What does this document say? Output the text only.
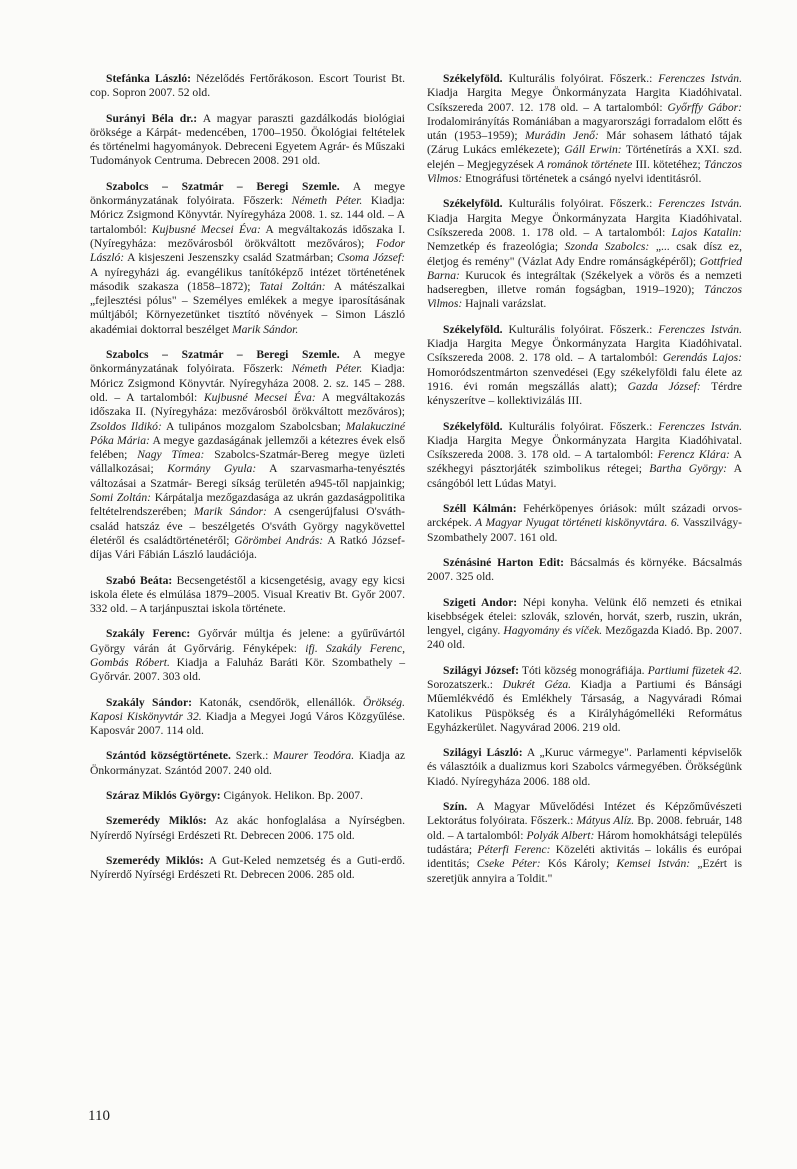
Stefánka László: Nézelődés Fertőrákoson. Escort Tourist Bt. cop. Sopron 2007. 52 old.

Surányi Béla dr.: A magyar paraszti gazdálkodás biológiai öröksége a Kárpát- medencében, 1700–1950. Ökológiai feltételek és történelmi hagyományok. Debreceni Egyetem Agrár- és Műszaki Tudományok Centruma. Debrecen 2008. 291 old.

Szabolcs – Szatmár – Beregi Szemle. A megye önkormányzatának folyóirata. Főszerk: Németh Péter. Kiadja: Móricz Zsigmond Könyvtár. Nyíregyháza 2008. 1. sz. 144 old. – A tartalomból: Kujbusné Mecsei Éva: A megváltakozás időszaka I. (Nyíregyháza: mezővárosból örökváltott mezőváros); Fodor László: A kisjeszeni Jeszenszky család Szatmárban; Csoma József: A nyíregyházi ág. evangélikus tanítóképző intézet történetének második szakasza (1858–1872); Tatai Zoltán: A mátészalkai „fejlesztési pólus" – Személyes emlékek a megye iparosításának múltjából; Környezetünket tisztító növények – Simon László akadémiai doktorral beszélget Marik Sándor.

Szabolcs – Szatmár – Beregi Szemle. A megye önkormányzatának folyóirata. Főszerk: Németh Péter. Kiadja: Móricz Zsigmond Könyvtár. Nyíregyháza 2008. 2. sz. 145 – 288. old. – A tartalomból: Kujbusné Mecsei Éva: A megváltakozás időszaka II. (Nyíregyháza: mezővárosból örökváltott mezőváros); Zsoldos Ildikó: A tulipános mozgalom Szabolcsban; Malakucziné Póka Mária: A megye gazdaságának jellemzői a kétezres évek első felében; Nagy Tímea: Szabolcs-Szatmár-Bereg megye üzleti vállalkozásai; Kormány Gyula: A szarvasmarha-tenyésztés változásai a Szatmár- Beregi síkság területén a945-től napjainkig; Somi Zoltán: Kárpátalja mezőgazdasága az ukrán gazdaságpolitika feltételrendszerében; Marik Sándor: A csengerújfalusi O'sváth-család hatszáz éve – beszélgetés O'sváth György nagykövettel életéről és családtörténetéről; Görömbei András: A Ratkó József-díjas Vári Fábián László laudációja.

Szabó Beáta: Becsengetéstől a kicsengetésig, avagy egy kicsi iskola élete és elmúlása 1879–2005. Visual Kreativ Bt. Győr 2007. 332 old. – A tarjánpusztai iskola története.

Szakály Ferenc: Győrvár múltja és jelene: a gyűrűvártól György várán át Győrvárig. Fényképek: ifj. Szakály Ferenc, Gombás Róbert. Kiadja a Faluház Baráti Kör. Szombathely – Győrvár. 2007. 303 old.

Szakály Sándor: Katonák, csendőrök, ellenállók. Örökség. Kaposi Kiskönyvtár 32. Kiadja a Megyei Jogú Város Közgyűlése. Kaposvár 2007. 114 old.

Szántód községtörténete. Szerk.: Maurer Teodóra. Kiadja az Önkormányzat. Szántód 2007. 240 old.

Száraz Miklós György: Cigányok. Helikon. Bp. 2007.

Szemerédy Miklós: Az akác honfoglalása a Nyírségben. Nyírerdő Nyírségi Erdészeti Rt. Debrecen 2006. 175 old.

Szemerédy Miklós: A Gut-Keled nemzetség és a Guti-erdő. Nyírerdő Nyírségi Erdészeti Rt. Debrecen 2006. 285 old.

Székelyföld. Kulturális folyóirat. Főszerk.: Ferenczes István. Kiadja Hargita Megye Önkormányzata Hargita Kiadóhivatal. Csíkszereda 2007. 12. 178 old. – A tartalomból: Győrffy Gábor: Irodalomirányítás Romániában a magyarországi forradalom előtt és után (1953–1959); Murádin Jenő: Már sohasem látható tájak (Zárug Lukács emlékezete); Gáll Erwin: Történetírás a XXI. szd. elején – Megjegyzések A románok története III. kötetéhez; Tánczos Vilmos: Etnográfusi történetek a csángó nyelvi identitásról.

Székelyföld. Kulturális folyóirat. Főszerk.: Ferenczes István. Kiadja Hargita Megye Önkormányzata Hargita Kiadóhivatal. Csíkszereda 2008. 1. 178 old. – A tartalomból: Lajos Katalin: Nemzetkép és frazeológia; Szonda Szabolcs: „... csak dísz ez, életjog és remény" (Vázlat Ady Endre románságképéről); Gottfried Barna: Kurucok és integráltak (Székelyek a vörös és a nemzeti hadseregben, illetve román fogságban, 1919–1920); Tánczos Vilmos: Hajnali varázslat.

Székelyföld. Kulturális folyóirat. Főszerk.: Ferenczes István. Kiadja Hargita Megye Önkormányzata Hargita Kiadóhivatal. Csíkszereda 2008. 2. 178 old. – A tartalomból: Gerendás Lajos: Homoródszentmárton szenvedései (Egy székelyföldi falu élete az 1916. évi román megszállás alatt); Gazda József: Térdre kényszerítve – kollektivizálás III.

Székelyföld. Kulturális folyóirat. Főszerk.: Ferenczes István. Kiadja Hargita Megye Önkormányzata Hargita Kiadóhivatal. Csíkszereda 2008. 3. 178 old. – A tartalomból: Ferencz Klára: A székhegyi pásztorjáték szimbolikus rétegei; Bartha György: A csángóból lett Lúdas Matyi.

Széll Kálmán: Fehérköpenyes óriások: múlt századi orvos-arcképek. A Magyar Nyugat történeti kiskönyvtára. 6. Vasszilvágy-Szombathely 2007. 161 old.

Szénásiné Harton Edit: Bácsalmás és környéke. Bácsalmás 2007. 325 old.

Szigeti Andor: Népi konyha. Velünk élő nemzeti és etnikai kisebbségek ételei: szlovák, szlovén, horvát, szerb, ruszin, ukrán, lengyel, cigány. Hagyomány és víček. Mezőgazda Kiadó. Bp. 2007. 240 old.

Szilágyi József: Tóti község monográfiája. Partiumi füzetek 42. Sorozatszerk.: Dukrét Géza. Kiadja a Partiumi és Bánsági Műemlékvédő és Emlékhely Társaság, a Nagyváradi Római Katolikus Püspökség és a Királyhágómelléki Református Egyházkerület. Nagyvárad 2006. 219 old.

Szilágyi László: A „Kuruc vármegye". Parlamenti képviselők és választóik a dualizmus kori Szabolcs vármegyében. Örökségünk Kiadó. Nyíregyháza 2006. 188 old.

Szín. A Magyar Művelődési Intézet és Képzőművészeti Lektorátus folyóirata. Főszerk.: Mátyus Alíz. Bp. 2008. február, 148 old. – A tartalomból: Polyák Albert: Három homokhátsági település tudástára; Péterfi Ferenc: Közeléti aktivitás – lokális és európai identitás; Cseke Péter: Kós Károly; Kemsei István: „Ezért is szeretjük annyira a Toldit."

110
